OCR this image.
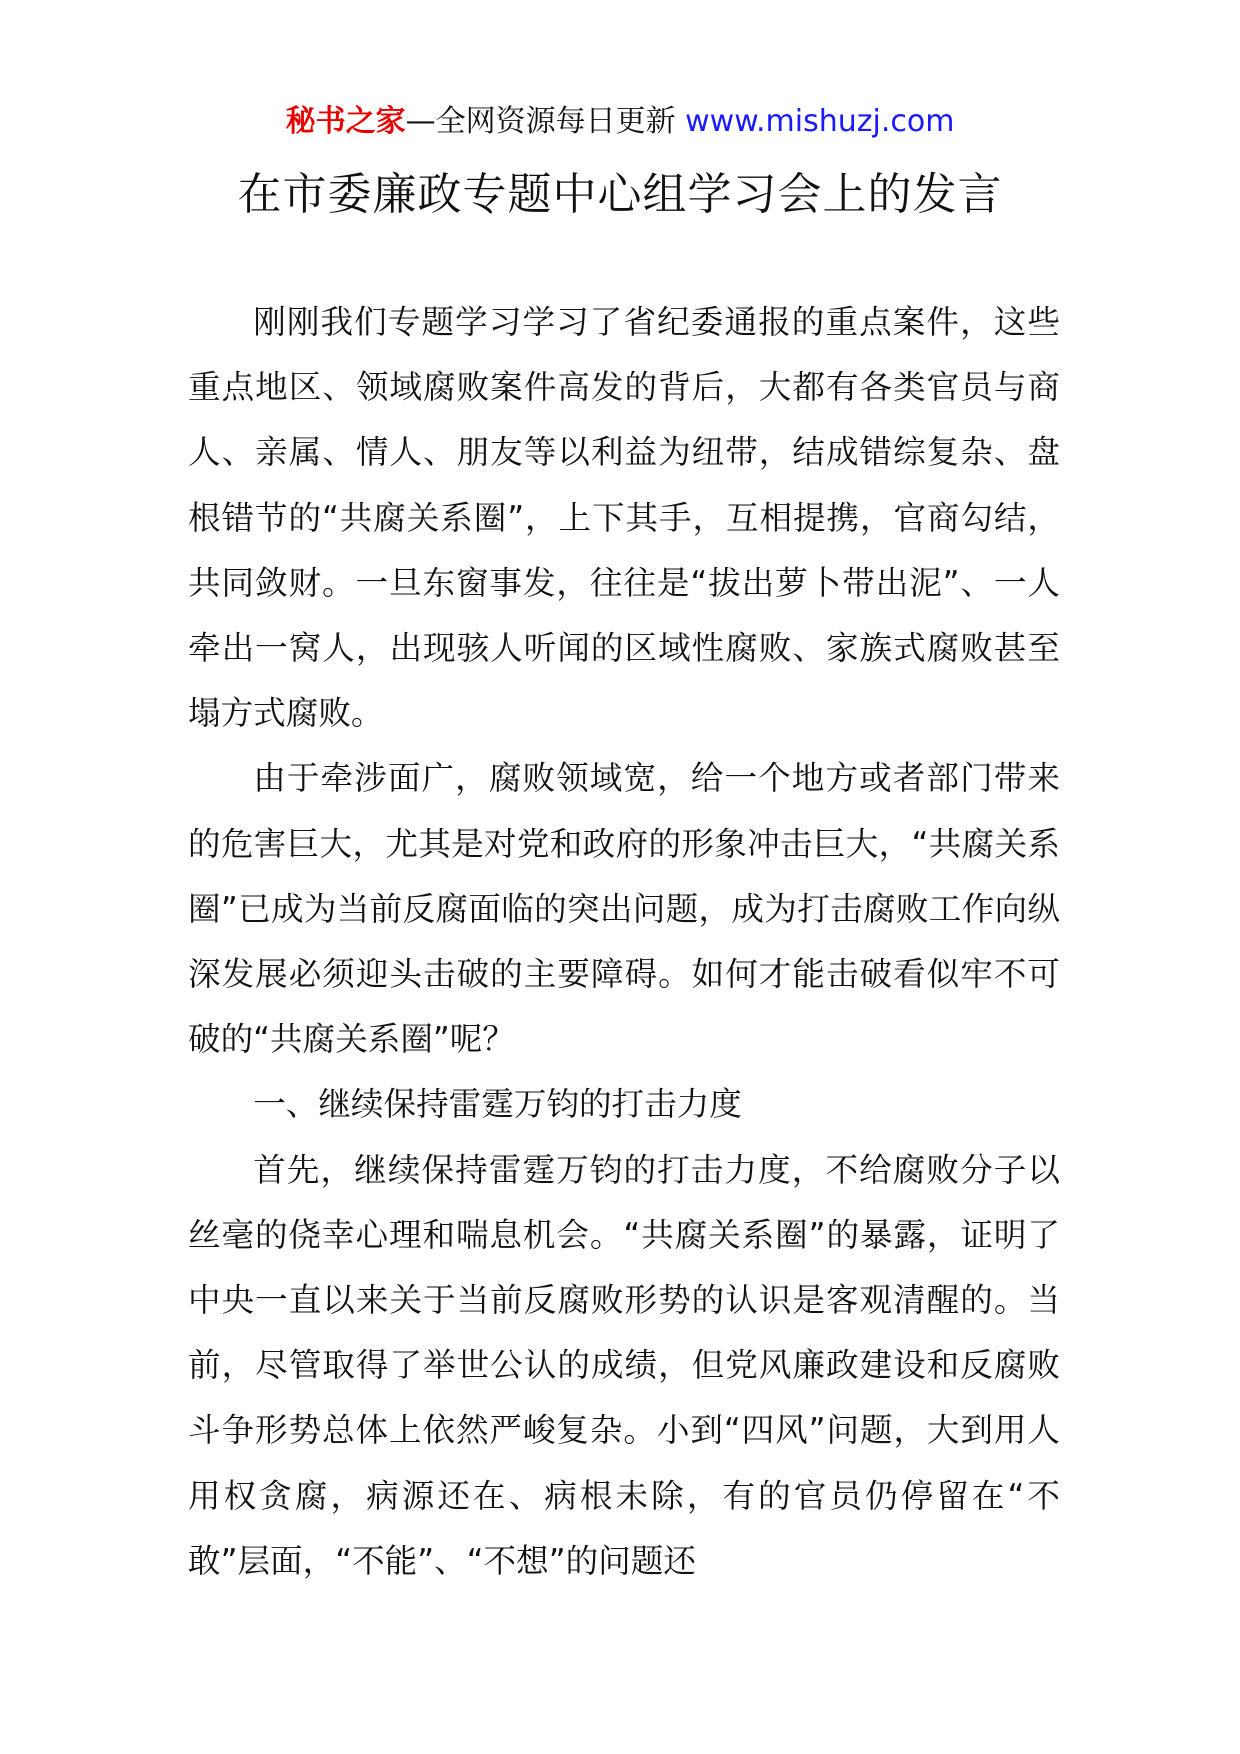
秘书之家—全网资源每日更新 www.mishuzj.com
在市委廉政专题中心组学习会上的发言

刚刚我们专题学习学习了省纪委通报的重点案件，这些重点地区、领域腐败案件高发的背后，大都有各类官员与商人、亲属、情人、朋友等以利益为纽带，结成错综复杂、盘根错节的“共腐关系圈”，上下其手，互相提携，官商勾结，共同敛财。一旦东窗事发，往往是“拔出萝卜带出泥”、一人牵出一窝人，出现骇人听闻的区域性腐败、家族式腐败甚至塌方式腐败。

由于牵涉面广，腐败领域宽，给一个地方或者部门带来的危害巨大，尤其是对党和政府的形象冲击巨大，“共腐关系圈”已成为当前反腐面临的突出问题，成为打击腐败工作向纵深发展必须迎头击破的主要障碍。如何才能击破看似牢不可破的“共腐关系圈”呢？

一、继续保持雷霆万钧的打击力度

首先，继续保持雷霆万钧的打击力度，不给腐败分子以丝毫的侥幸心理和喘息机会。“共腐关系圈”的暴露，证明了中央一直以来关于当前反腐败形势的认识是客观清醒的。当前，尽管取得了举世公认的成绩，但党风廉政建设和反腐败斗争形势总体上依然严峻复杂。小到“四风”问题，大到用人用权贪腐，病源还在、病根未除，有的官员仍停留在“不敢”层面，“不能”、“不想”的问题还
